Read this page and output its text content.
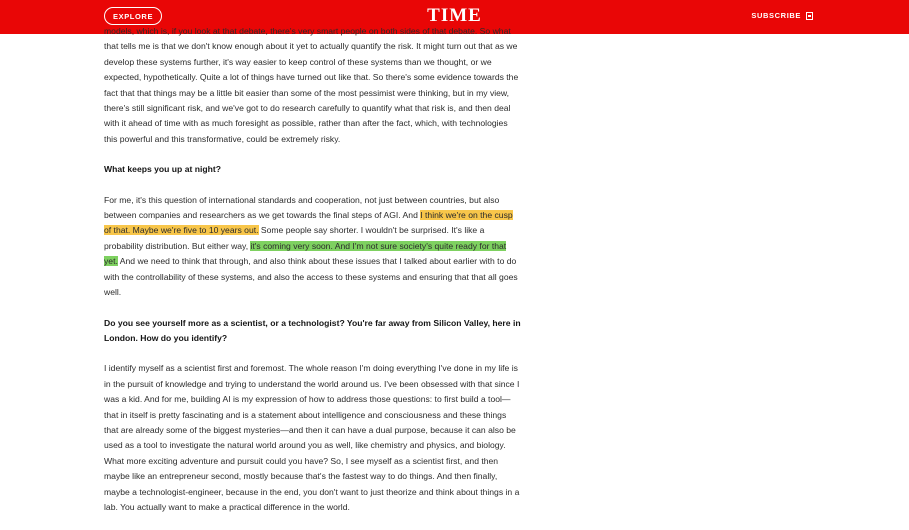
EXPLORE	TIME	SUBSCRIBE

models, which is, if you look at that debate, there's very smart people on both sides of that debate. So what that tells me is that we don't know enough about it yet to actually quantify the risk. It might turn out that as we develop these systems further, it's way easier to keep control of these systems than we thought, or we expected, hypothetically. Quite a lot of things have turned out like that. So there's some evidence towards the fact that that things may be a little bit easier than some of the most pessimist were thinking, but in my view, there's still significant risk, and we've got to do research carefully to quantify what that risk is, and then deal with it ahead of time with as much foresight as possible, rather than after the fact, which, with technologies this powerful and this transformative, could be extremely risky.

What keeps you up at night?

For me, it's this question of international standards and cooperation, not just between countries, but also between companies and researchers as we get towards the final steps of AGI. And I think we're on the cusp of that. Maybe we're five to 10 years out. Some people say shorter. I wouldn't be surprised. It's like a probability distribution. But either way, it's coming very soon. And I'm not sure society's quite ready for that yet. And we need to think that through, and also think about these issues that I talked about earlier with to do with the controllability of these systems, and also the access to these systems and ensuring that that all goes well.

Do you see yourself more as a scientist, or a technologist? You're far away from Silicon Valley, here in London. How do you identify?

I identify myself as a scientist first and foremost. The whole reason I'm doing everything I've done in my life is in the pursuit of knowledge and trying to understand the world around us. I've been obsessed with that since I was a kid. And for me, building AI is my expression of how to address those questions: to first build a tool—that in itself is pretty fascinating and is a statement about intelligence and consciousness and these things that are already some of the biggest mysteries—and then it can have a dual purpose, because it can also be used as a tool to investigate the natural world around you as well, like chemistry and physics, and biology. What more exciting adventure and pursuit could you have? So, I see myself as a scientist first, and then maybe like an entrepreneur second, mostly because that's the fastest way to do things. And then finally, maybe a technologist-engineer, because in the end, you don't want to just theorize and think about things in a lab. You actually want to make a practical difference in the world.
